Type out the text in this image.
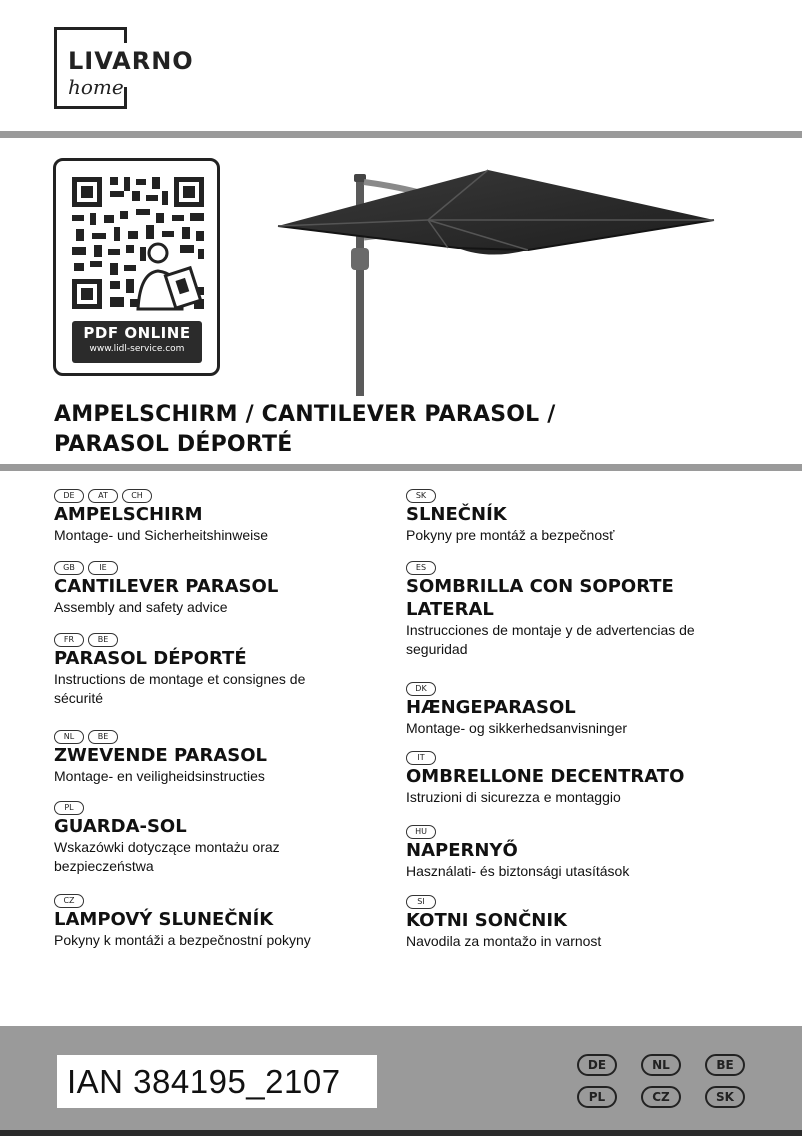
LIVARNO
home
PDF ONLINE
www.lidl-service.com
AMPELSCHIRM / CANTILEVER PARASOL /
PARASOL DÉPORTÉ
DE	AT	CH
AMPELSCHIRM
Montage- und Sicherheitshinweise
GB	IE
CANTILEVER PARASOL
Assembly and safety advice
FR	BE
PARASOL DÉPORTÉ
Instructions de montage et consignes de
sécurité
NL	BE
ZWEVENDE PARASOL
Montage- en veiligheidsinstructies
PL
GUARDA-SOL
Wskazówki dotyczące montażu oraz
bezpieczeństwa
CZ
LAMPOVÝ SLUNEČNÍK
Pokyny k montáži a bezpečnostní pokyny
SK
SLNEČNÍK
Pokyny pre montáž a bezpečnosť
ES
SOMBRILLA CON SOPORTE
LATERAL
Instrucciones de montaje y de advertencias de
seguridad
DK
HÆNGEPARASOL
Montage- og sikkerhedsanvisninger
IT
OMBRELLONE DECENTRATO
Istruzioni di sicurezza e montaggio
HU
NAPERNYŐ
Használati- és biztonsági utasítások
SI
KOTNI SONČNIK
Navodila za montažo in varnost
IAN 384195_2107	DE	NL	BE
PL	CZ	SK
